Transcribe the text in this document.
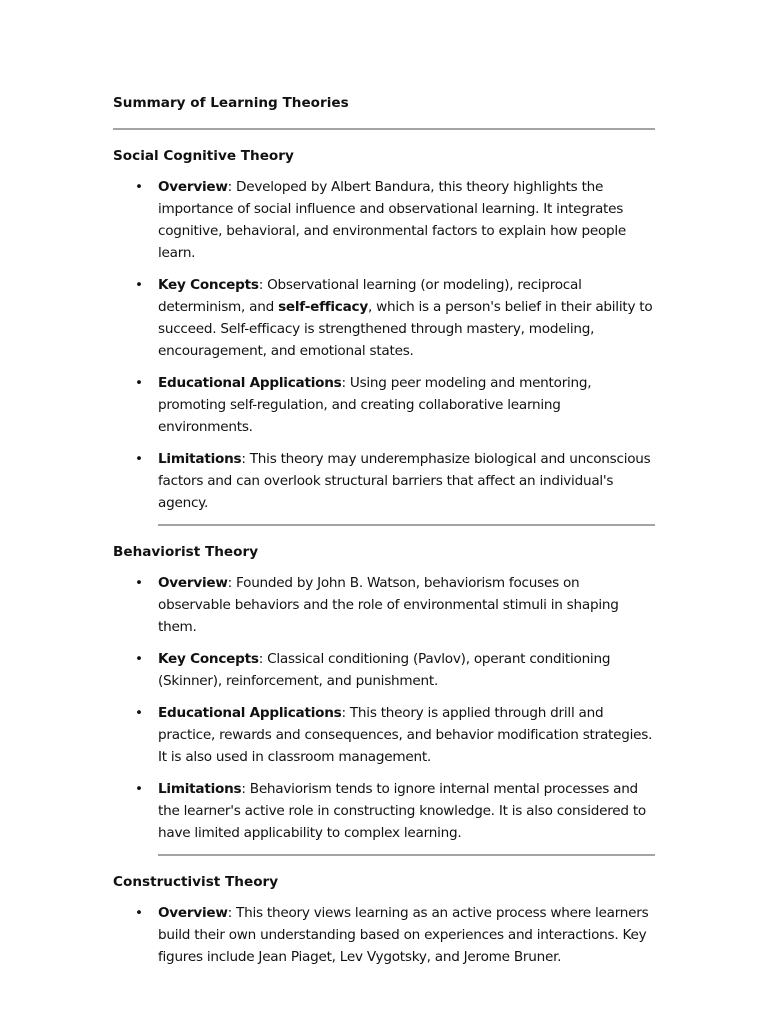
Summary of Learning Theories
Social Cognitive Theory
• Overview: Developed by Albert Bandura, this theory highlights the importance of social influence and observational learning. It integrates cognitive, behavioral, and environmental factors to explain how people learn.
• Key Concepts: Observational learning (or modeling), reciprocal determinism, and self-efficacy, which is a person's belief in their ability to succeed. Self-efficacy is strengthened through mastery, modeling, encouragement, and emotional states.
• Educational Applications: Using peer modeling and mentoring, promoting self-regulation, and creating collaborative learning environments.
• Limitations: This theory may underemphasize biological and unconscious factors and can overlook structural barriers that affect an individual's agency.
Behaviorist Theory
• Overview: Founded by John B. Watson, behaviorism focuses on observable behaviors and the role of environmental stimuli in shaping them.
• Key Concepts: Classical conditioning (Pavlov), operant conditioning (Skinner), reinforcement, and punishment.
• Educational Applications: This theory is applied through drill and practice, rewards and consequences, and behavior modification strategies. It is also used in classroom management.
• Limitations: Behaviorism tends to ignore internal mental processes and the learner's active role in constructing knowledge. It is also considered to have limited applicability to complex learning.
Constructivist Theory
• Overview: This theory views learning as an active process where learners build their own understanding based on experiences and interactions. Key figures include Jean Piaget, Lev Vygotsky, and Jerome Bruner.
